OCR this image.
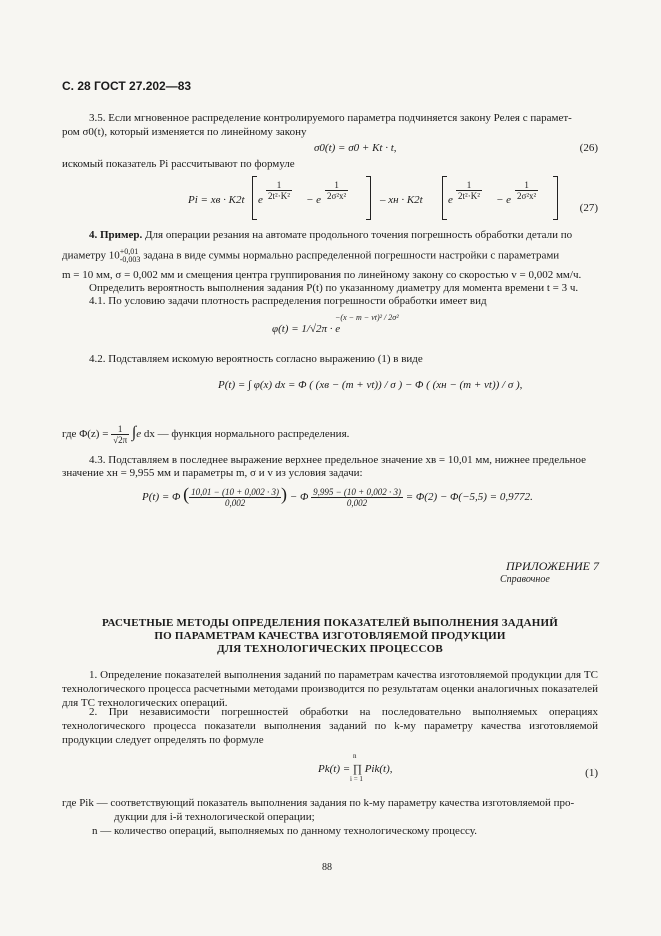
С. 28 ГОСТ 27.202—83
3.5. Если мгновенное распределение контролируемого параметра подчиняется закону Релея с парамет-
ром σ0(t), который изменяется по линейному закону
σ0(t) = σ0 + Kt · t,	(26)
искомый показатель Pi рассчитывают по формуле
Pi = xв · K2t e $\frac{1}{\text{2t²·K²}} - e \frac{1}{\text{2σ²x²}}$	– xн · K2t e $\frac{1}{\text{2t²·K²}} - e \frac{1}{\text{2σ²x²}}$
(27)
4. Пример. Для операции резания на автомате продольного точения погрешность обработки детали по
диаметру 10 +0,01
-0,003 задана в виде суммы нормально распределенной погрешности настройки с параметрами
m = 10 мм, σ = 0,002 мм и смещения центра группирования по линейному закону со скоростью v = 0,002 мм/ч.
Определить вероятность выполнения задания P(t) по указанному диаметру для момента времени t = 3 ч.
4.1. По условию задачи плотность распределения погрешности обработки имеет вид
φ(t) = 1/√2π · e
−(x − m − vt)² / 2σ²
4.2. Подставляем искомую вероятность согласно выражению (1) в виде
P(t) = ∫ φ(x) dx = Φ ( (xв − (m + vt)) / σ ) − Φ ( (xн − (m + vt)) / σ ),
где $\Phi(z) = \frac{1}{√2\pi} \int e$ dx — функция нормального распределения.
4.3. Подставляем в последнее выражение верхнее предельное значение xв = 10,01 мм, нижнее предельное
значение xн = 9,955 мм и параметры m, σ и v из условия задачи:
P(t) = Φ ( $\frac{10,01 - (10 + 0,002 \cdot 3)}{0,002}$ ) − Φ $\frac{9,995 - (10 + 0,002 \cdot 3)}{0,002} = \Phi(2) - \Phi(-5,5) = 0,9772$.
ПРИЛОЖЕНИЕ 7
Справочное
РАСЧЕТНЫЕ МЕТОДЫ ОПРЕДЕЛЕНИЯ ПОКАЗАТЕЛЕЙ ВЫПОЛНЕНИЯ ЗАДАНИЙ
ПО ПАРАМЕТРАМ КАЧЕСТВА ИЗГОТОВЛЯЕМОЙ ПРОДУКЦИИ
ДЛЯ ТЕХНОЛОГИЧЕСКИХ ПРОЦЕССОВ
1. Определение показателей выполнения заданий по параметрам качества изготовляемой продукции для ТС технологического процесса расчетными методами производится по результатам оценки аналогичных показателей для ТС технологических операций.
2. При независимости погрешностей обработки на последовательно выполняемых операциях технологического процесса показатели выполнения заданий по k-му параметру качества изготовляемой продукции следует определять по формуле
Pk(t) = ∏ Pik(t),
n
i = 1	(1)
где Pik — соответствующий показатель выполнения задания по k-му параметру качества изготовляемой про-
дукции для i-й технологической операции;
n — количество операций, выполняемых по данному технологическому процессу.
88
